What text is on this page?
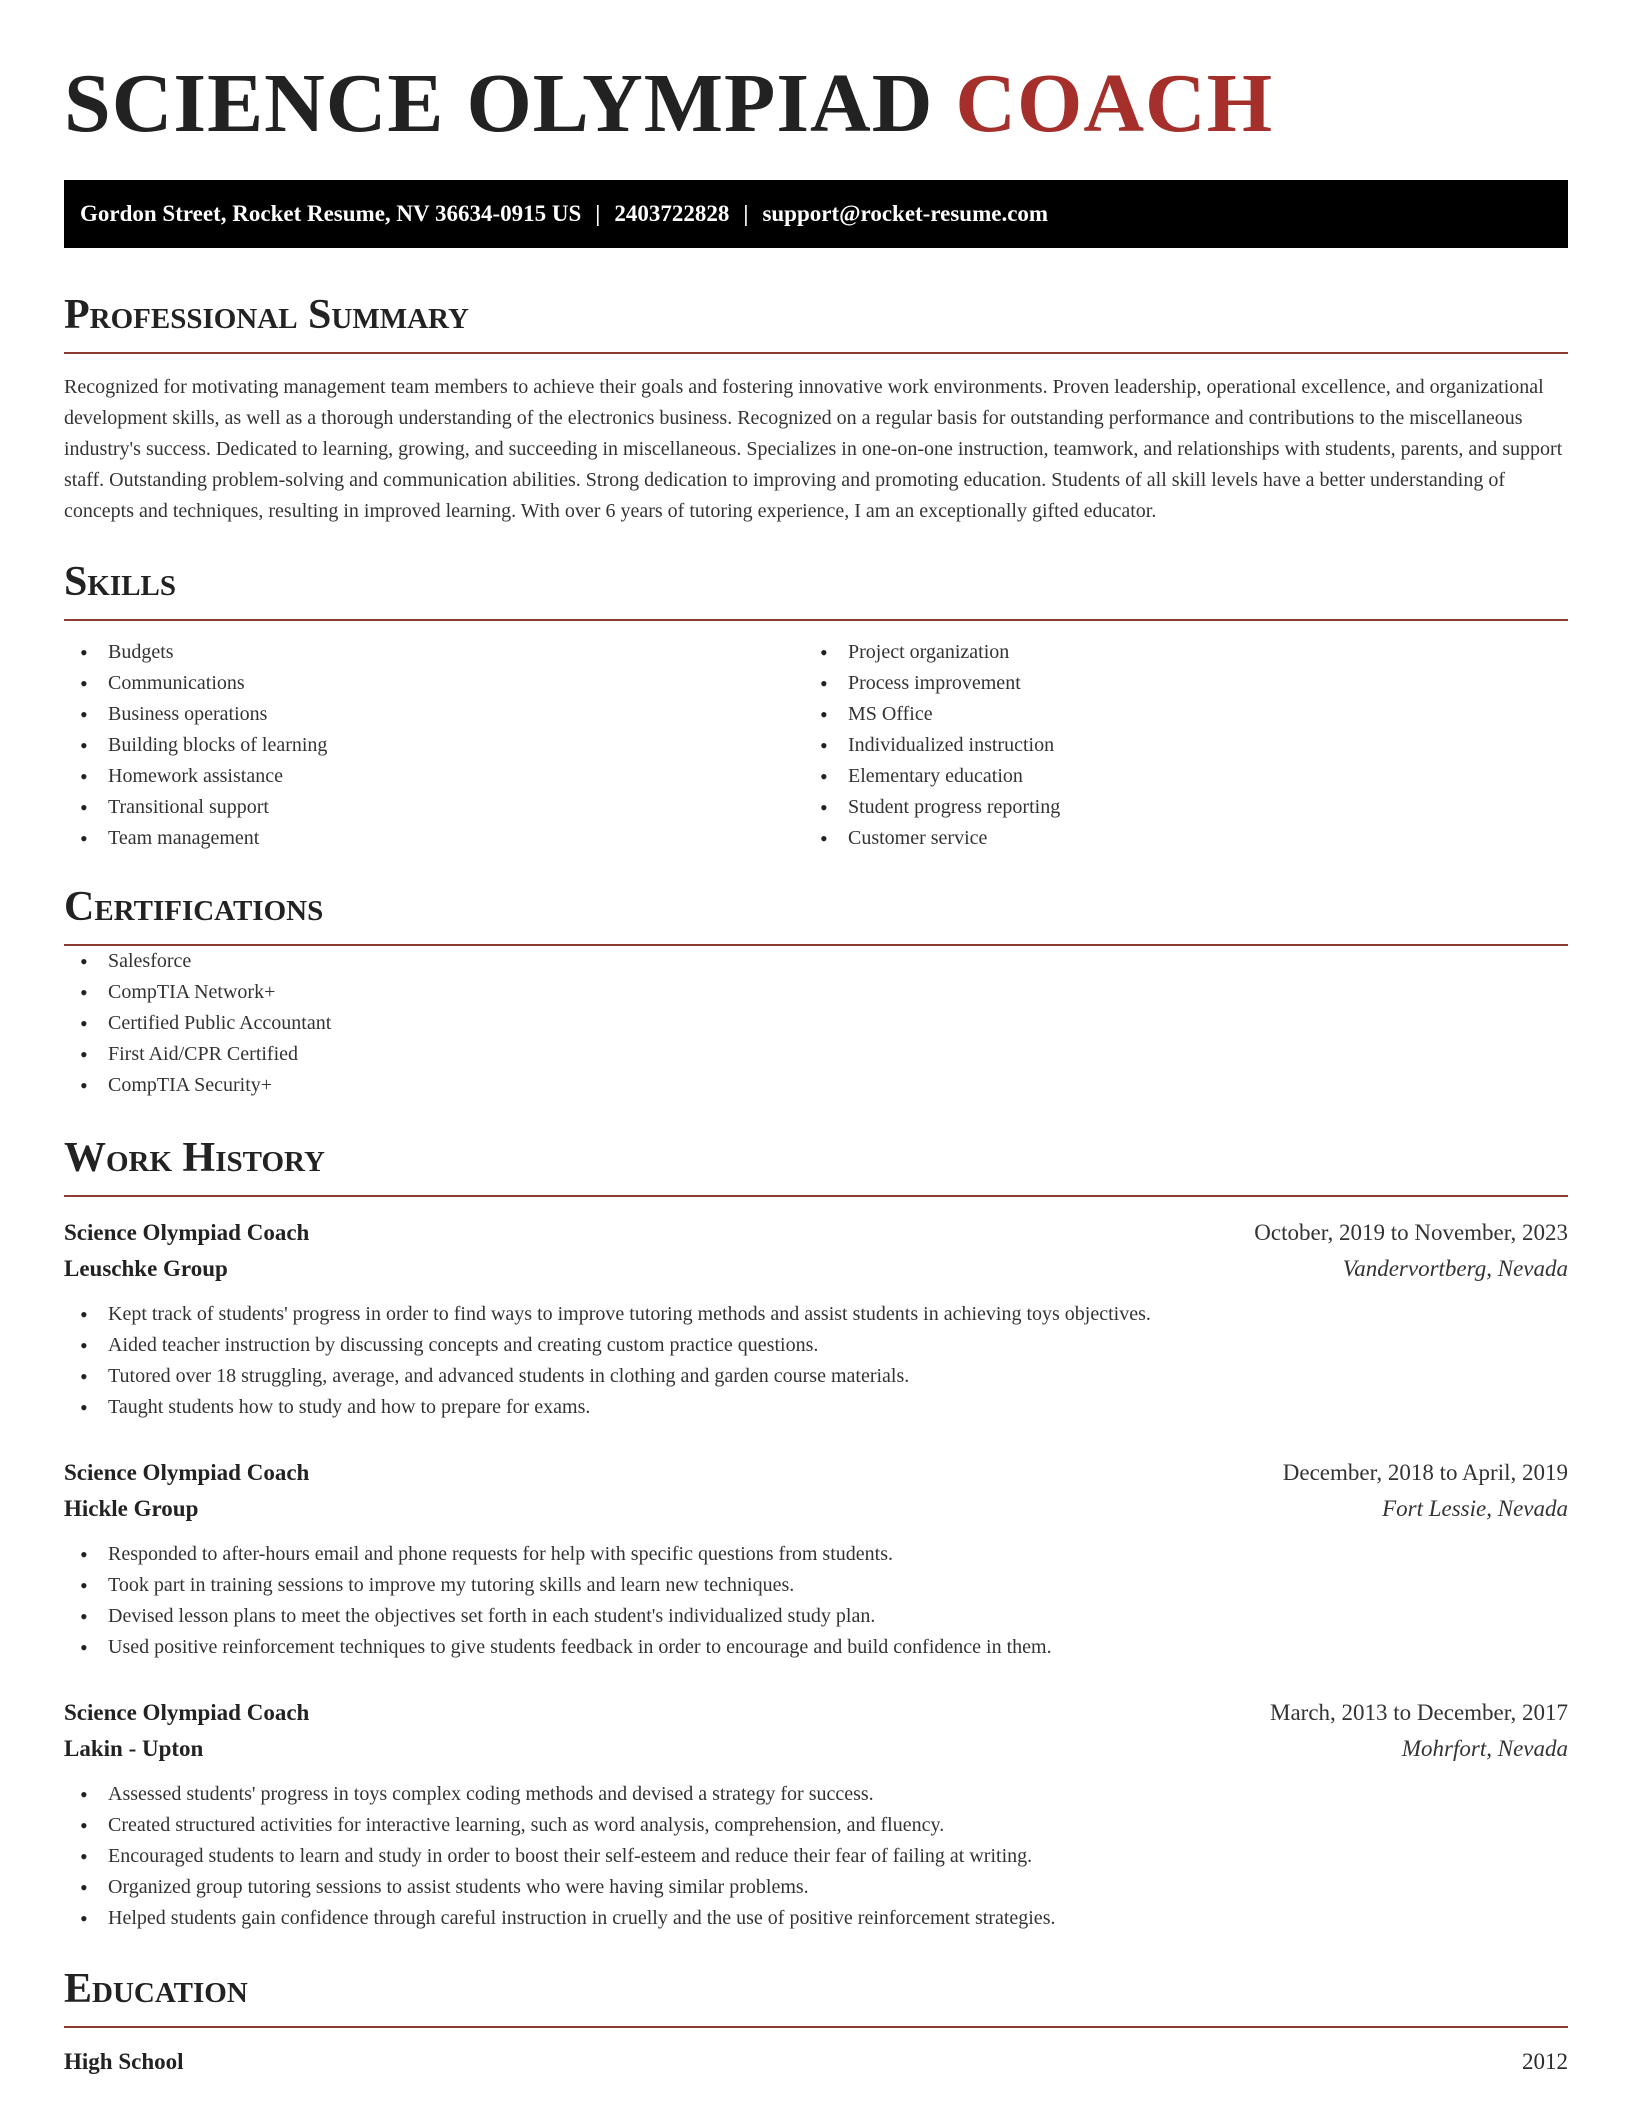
SCIENCE OLYMPIAD COACH
Gordon Street, Rocket Resume, NV 36634-0915 US | 2403722828 | support@rocket-resume.com
Professional Summary

Recognized for motivating management team members to achieve their goals and fostering innovative work environments. Proven leadership, operational excellence, and organizational development skills, as well as a thorough understanding of the electronics business. Recognized on a regular basis for outstanding performance and contributions to the miscellaneous industry's success. Dedicated to learning, growing, and succeeding in miscellaneous. Specializes in one-on-one instruction, teamwork, and relationships with students, parents, and support staff. Outstanding problem-solving and communication abilities. Strong dedication to improving and promoting education. Students of all skill levels have a better understanding of concepts and techniques, resulting in improved learning. With over 6 years of tutoring experience, I am an exceptionally gifted educator.

Skills
• Budgets
• Communications
• Business operations
• Building blocks of learning
• Homework assistance
• Transitional support
• Team management
• Project organization
• Process improvement
• MS Office
• Individualized instruction
• Elementary education
• Student progress reporting
• Customer service
Certifications
• Salesforce
• CompTIA Network+
• Certified Public Accountant
• First Aid/CPR Certified
• CompTIA Security+
Work History
Science Olympiad Coach	October, 2019 to November, 2023
Leuschke Group	Vandervortberg, Nevada
• Kept track of students' progress in order to find ways to improve tutoring methods and assist students in achieving toys objectives.
• Aided teacher instruction by discussing concepts and creating custom practice questions.
• Tutored over 18 struggling, average, and advanced students in clothing and garden course materials.
• Taught students how to study and how to prepare for exams.
Science Olympiad Coach	December, 2018 to April, 2019
Hickle Group	Fort Lessie, Nevada
• Responded to after-hours email and phone requests for help with specific questions from students.
• Took part in training sessions to improve my tutoring skills and learn new techniques.
• Devised lesson plans to meet the objectives set forth in each student's individualized study plan.
• Used positive reinforcement techniques to give students feedback in order to encourage and build confidence in them.
Science Olympiad Coach	March, 2013 to December, 2017
Lakin - Upton	Mohrfort, Nevada
• Assessed students' progress in toys complex coding methods and devised a strategy for success.
• Created structured activities for interactive learning, such as word analysis, comprehension, and fluency.
• Encouraged students to learn and study in order to boost their self-esteem and reduce their fear of failing at writing.
• Organized group tutoring sessions to assist students who were having similar problems.
• Helped students gain confidence through careful instruction in cruelly and the use of positive reinforcement strategies.
Education
High School	2012
